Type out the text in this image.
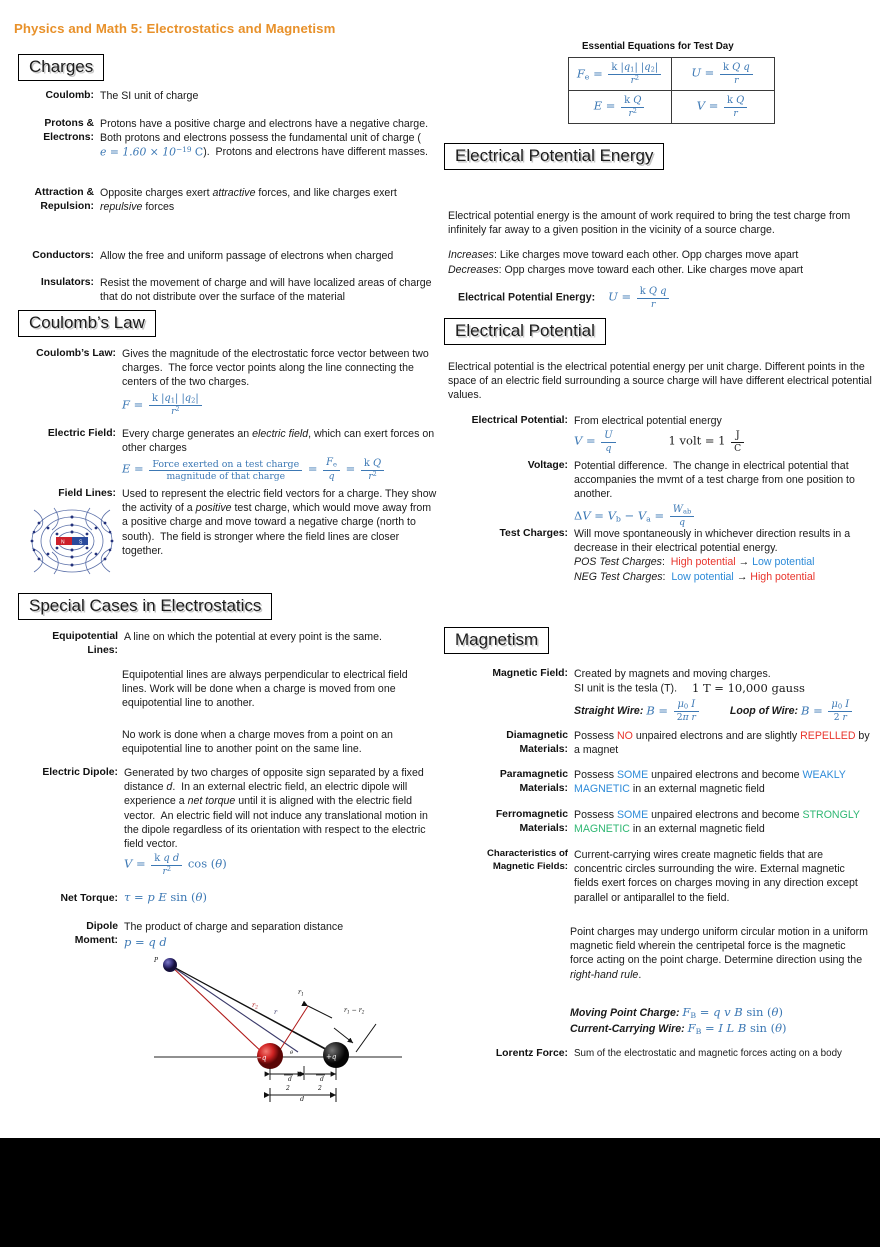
Physics and Math 5: Electrostatics and Magnetism
Charges
Coulomb: The SI unit of charge
Protons &
Electrons:
Protons have a positive charge and electrons have a negative charge.  Both protons and electrons possess the fundamental unit of charge ($e = 1.60 \times 10^{-19}$ C).  Protons and electrons have different masses.
Attraction &
Repulsion:
Opposite charges exert attractive forces, and like charges exert repulsive forces
Conductors: Allow the free and uniform passage of electrons when charged
Insulators: Resist the movement of charge and will have localized areas of charge that do not distribute over the surface of the material
Coulomb’s Law
Coulomb’s Law: Gives the magnitude of the electrostatic force vector between two charges.  The force vector points along the line connecting the centers of the two charges.
$F = \frac{k |q_1| |q_2|}{r^2}$
Electric Field: Every charge generates an electric field, which can exert forces on other charges
$E = \frac{\text{Force exerted on a test charge}}{\text{magnitude of that charge}} = \frac{F_e}{q} = \frac{\text{k Q}}{r^2}$
Field Lines: Used to represent the electric field vectors for a charge. They show the activity of a positive test charge, which would move away from a positive charge and move toward a negative charge (north to south).  The field is stronger where the field lines are closer together.
N	S
Special Cases in Electrostatics
Equipotential
Lines:
A line on which the potential at every point is the same.
Equipotential lines are always perpendicular to electrical field lines. Work will be done when a charge is moved from one equipotential line to another.
No work is done when a charge moves from a point on an equipotential line to another point on the same line.
Electric Dipole: Generated by two charges of opposite sign separated by a fixed distance d.  In an external electric field, an electric dipole will experience a net torque until it is aligned with the electric field vector.  An electric field will not induce any translational motion in the dipole regardless of its orientation with respect to the electric field vector.
$V = \frac{\text{k q d}}{r^2}$ cos (θ)
Net Torque: τ = p E sin (θ)
Dipole
Moment:
The product of charge and separation distance
p = q d
P
−q	+q
$r_2$ r
$r_1$
$r_1 - r_2$
θ
d
2
d
2
d
Essential Equations for Test Day
$F_e = \frac{k |q_1| |q_2|}{r^2}$	$U = \frac{\text{k Q q}}{r}$

$E = \frac{\text{k Q}}{r^2}$	$V = \frac{\text{k Q}}{r}$
Electrical Potential Energy
Electrical potential energy is the amount of work required to bring the test charge from infinitely far away to a given position in the vicinity of a source charge.
Increases: Like charges move toward each other. Opp charges move apart
Decreases: Opp charges move toward each other. Like charges move apart
Electrical Potential Energy: $U = \frac{\text{k Q q}}{r}$
Electrical Potential
Electrical potential is the electrical potential energy per unit charge. Different points in the space of an electric field surrounding a source charge will have different electrical potential values.
Electrical Potential: From electrical potential energy
$V = \frac{U}{q}$	1 volt = $1 \frac{J}{C}$
Voltage: Potential difference.  The change in electrical potential that accompanies the mvmt of a test charge from one position to another.
$\Delta V = V_b - V_a = \frac{W_{ab}}{q}$
Test Charges: Will move spontaneously in whichever direction results in a decrease in their electrical potential energy.
POS Test Charges:  High potential → Low potential
NEG Test Charges:  Low potential → High potential
Magnetism
Magnetic Field: Created by magnets and moving charges.
SI unit is the tesla (T). 1 T = 10,000 gauss
Straight Wire: $B = \frac{\mu_0 I}{\text{2π r}}$	Loop of Wire: $B = \frac{\mu_0 I}{2 r}$
Diamagnetic
Materials:
Possess NO unpaired electrons and are slightly REPELLED by a magnet
Paramagnetic
Materials:
Possess SOME unpaired electrons and become WEAKLY MAGNETIC in an external magnetic field
Ferromagnetic
Materials:
Possess SOME unpaired electrons and become STRONGLY MAGNETIC in an external magnetic field
Characteristics of
Magnetic Fields:
Current-carrying wires create magnetic fields that are concentric circles surrounding the wire. External magnetic fields exert forces on charges moving in any direction except parallel or antiparallel to the field.
Point charges may undergo uniform circular motion in a uniform magnetic field wherein the centripetal force is the magnetic force acting on the point charge. Determine direction using the right-hand rule.
Moving Point Charge: $F_B = q$ v B sin (θ)
Current-Carrying Wire: $F_B = I$ L B sin (θ)
Lorentz Force: Sum of the electrostatic and magnetic forces acting on a body
